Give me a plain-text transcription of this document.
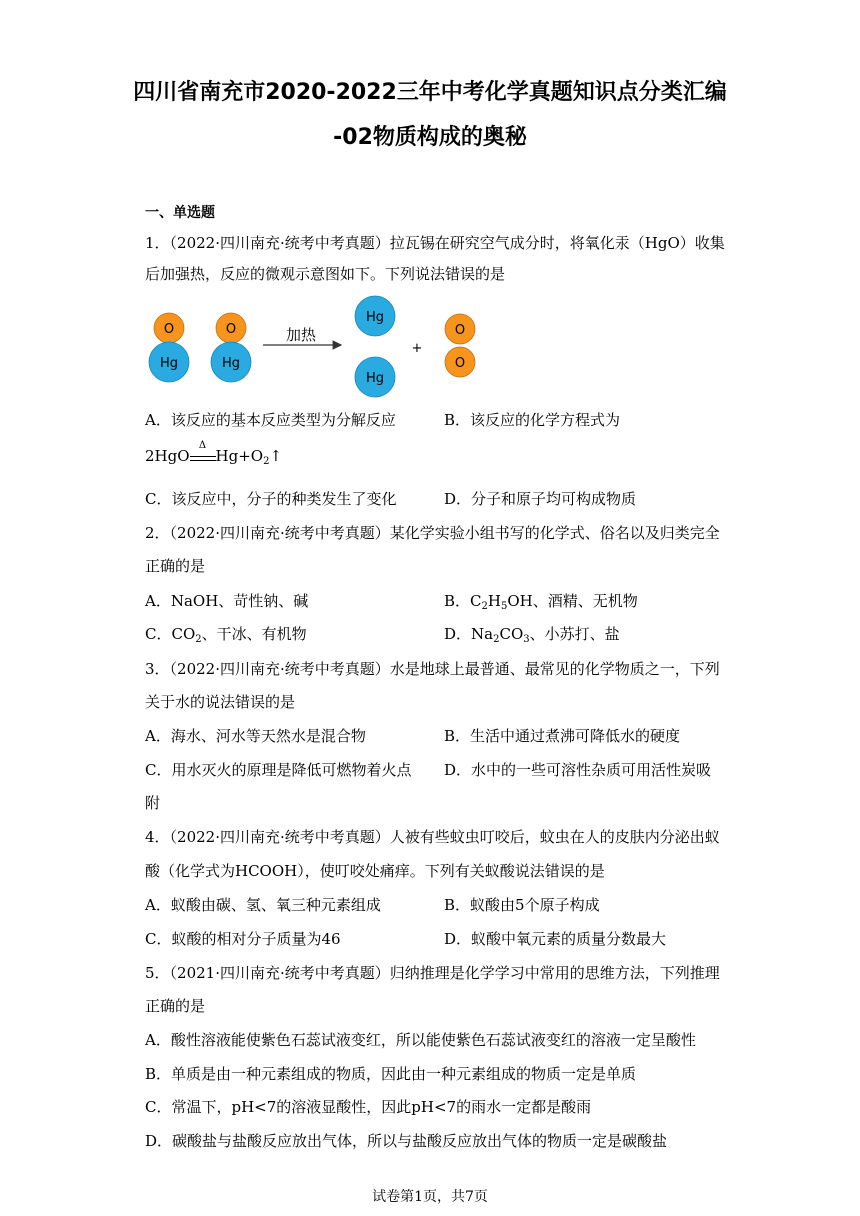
四川省南充市2020-2022三年中考化学真题知识点分类汇编
-02物质构成的奥秘
一、单选题
1．（2022·四川南充·统考中考真题）拉瓦锡在研究空气成分时，将氧化汞（HgO）收集
后加强热，反应的微观示意图如下。下列说法错误的是
O
Hg
O
Hg
加热
Hg
Hg
+
O
O
A．该反应的基本反应类型为分解反应	B．该反应的化学方程式为
2HgO
Δ
$Hg+O_2↑$
C．该反应中，分子的种类发生了变化	D．分子和原子均可构成物质
2．（2022·四川南充·统考中考真题）某化学实验小组书写的化学式、俗名以及归类完全
正确的是
A．NaOH、苛性钠、碱	B．$C_2H_5OH$、酒精、无机物
C．$CO_2$、干冰、有机物	D．$Na_2CO_3$、小苏打、盐
3．（2022·四川南充·统考中考真题）水是地球上最普通、最常见的化学物质之一，下列
关于水的说法错误的是
A．海水、河水等天然水是混合物	B．生活中通过煮沸可降低水的硬度
C．用水灭火的原理是降低可燃物着火点 D．水中的一些可溶性杂质可用活性炭吸
附
4．（2022·四川南充·统考中考真题）人被有些蚊虫叮咬后，蚊虫在人的皮肤内分泌出蚁
酸（化学式为HCOOH），使叮咬处痛痒。下列有关蚁酸说法错误的是
A．蚁酸由碳、氢、氧三种元素组成	B．蚁酸由5个原子构成
C．蚁酸的相对分子质量为46	D．蚁酸中氧元素的质量分数最大
5．（2021·四川南充·统考中考真题）归纳推理是化学学习中常用的思维方法，下列推理
正确的是
A．酸性溶液能使紫色石蕊试液变红，所以能使紫色石蕊试液变红的溶液一定呈酸性
B．单质是由一种元素组成的物质，因此由一种元素组成的物质一定是单质
C．常温下，pH<7的溶液显酸性，因此pH<7的雨水一定都是酸雨
D．碳酸盐与盐酸反应放出气体，所以与盐酸反应放出气体的物质一定是碳酸盐
试卷第1页，共7页
